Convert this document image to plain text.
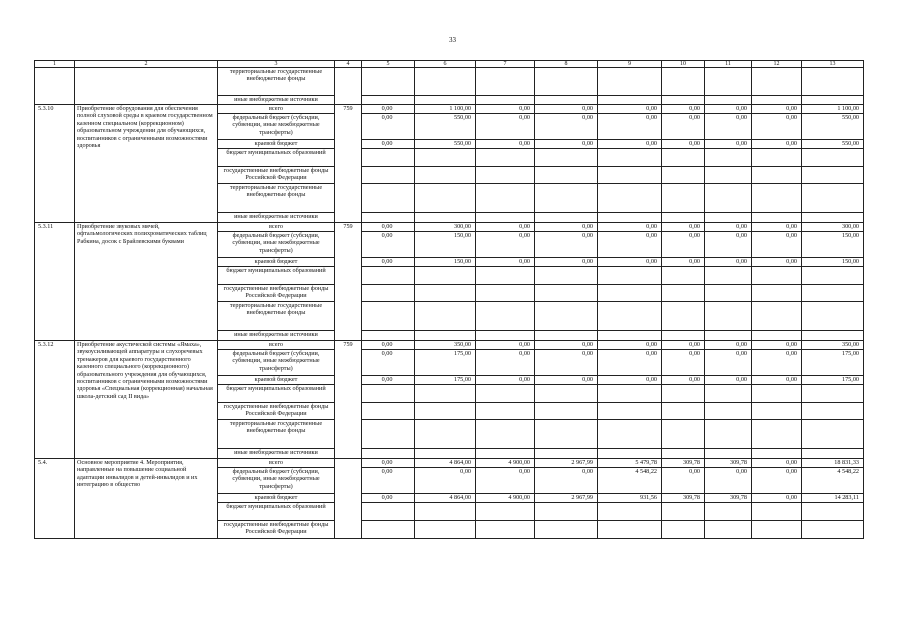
33
1	2	3	4	5	6	7	8	9	10	11	12	13
		территориальные государственные внебюджетные фонды										
		иные внебюджетные источники										
5.3.10	Приобретение оборудования для обеспечения полной слуховой среды в краевом государственном казенном специальном (коррекционном) образовательном учреждении для обучающихся, воспитанников с ограниченными возможностями здоровья	всего	759	0,00	1 100,00	0,00	0,00	0,00	0,00	0,00	0,00	1 100,00
		федеральный бюджет (субсидии, субвенции, иные межбюджетные трансферты)		0,00	550,00	0,00	0,00	0,00	0,00	0,00	0,00	550,00
		краевой бюджет		0,00	550,00	0,00	0,00	0,00	0,00	0,00	0,00	550,00
		бюджет муниципальных образований										
		государственные внебюджетные фонды Российской Федерации										
		территориальные государственные внебюджетные фонды										
		иные внебюджетные источники										
5.3.11	Приобретение звуковых мячей, офтальмологических полихроматических таблиц Рабкина, досок с Брайлевскими буквами	всего	759	0,00	300,00	0,00	0,00	0,00	0,00	0,00	0,00	300,00
		федеральный бюджет (субсидии, субвенции, иные межбюджетные трансферты)		0,00	150,00	0,00	0,00	0,00	0,00	0,00	0,00	150,00
		краевой бюджет		0,00	150,00	0,00	0,00	0,00	0,00	0,00	0,00	150,00
		бюджет муниципальных образований										
		государственные внебюджетные фонды Российской Федерации										
		территориальные государственные внебюджетные фонды										
		иные внебюджетные источники										
5.3.12	Приобретение акустической системы «Ямаха», звукоусиливающей аппаратуры и слухоречевых тренажеров для краевого государственного казенного специального (коррекционного) образовательного учреждения для обучающихся, воспитанников с ограниченными возможностями здоровья «Специальная (коррекционная) начальная школа-детский сад II вида»	всего	759	0,00	350,00	0,00	0,00	0,00	0,00	0,00	0,00	350,00
		федеральный бюджет (субсидии, субвенции, иные межбюджетные трансферты)		0,00	175,00	0,00	0,00	0,00	0,00	0,00	0,00	175,00
		краевой бюджет		0,00	175,00	0,00	0,00	0,00	0,00	0,00	0,00	175,00
		бюджет муниципальных образований										
		государственные внебюджетные фонды Российской Федерации										
		территориальные государственные внебюджетные фонды										
		иные внебюджетные источники										
5.4.	Основное мероприятие 4. Мероприятия, направленные на повышение социальной адаптации инвалидов и детей-инвалидов и их интеграцию в общество	всего		0,00	4 864,00	4 900,00	2 967,99	5 479,78	309,78	309,78	0,00	18 831,33
		федеральный бюджет (субсидии, субвенции, иные межбюджетные трансферты)		0,00	0,00	0,00	0,00	4 548,22	0,00	0,00	0,00	4 548,22
		краевой бюджет		0,00	4 864,00	4 900,00	2 967,99	931,56	309,78	309,78	0,00	14 283,11
		бюджет муниципальных образований										
		государственные внебюджетные фонды Российской Федерации										
